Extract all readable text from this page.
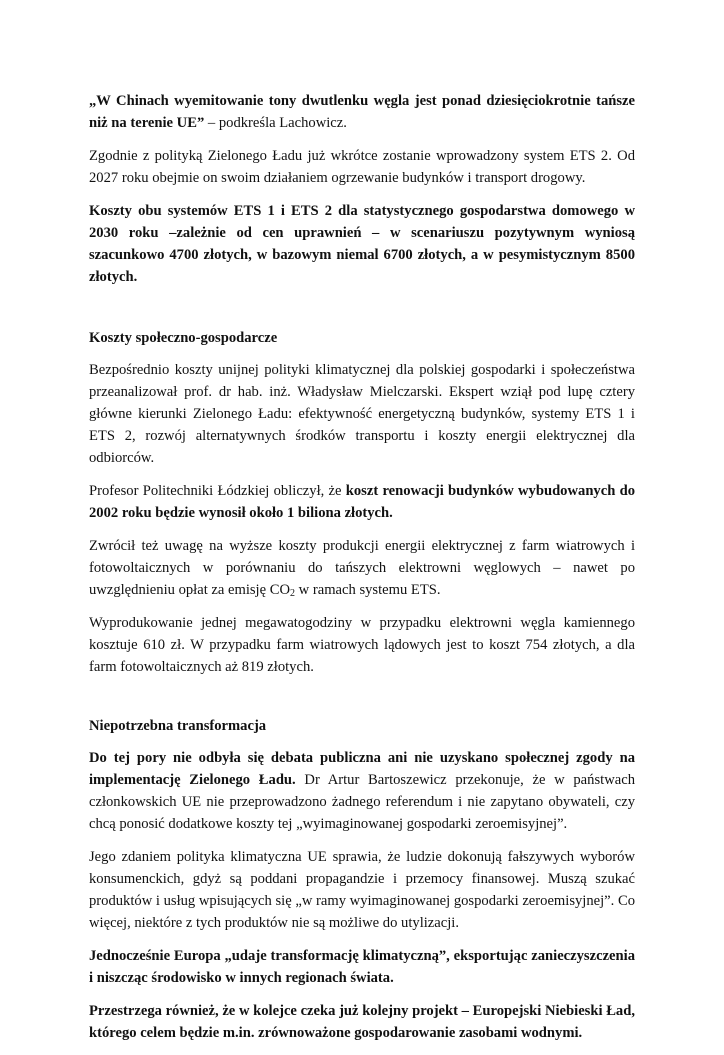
„W Chinach wyemitowanie tony dwutlenku węgla jest ponad dziesięciokrotnie tańsze niż na terenie UE” – podkreśla Lachowicz.

Zgodnie z polityką Zielonego Ładu już wkrótce zostanie wprowadzony system ETS 2. Od 2027 roku obejmie on swoim działaniem ogrzewanie budynków i transport drogowy.

Koszty obu systemów ETS 1 i ETS 2 dla statystycznego gospodarstwa domowego w 2030 roku –zależnie od cen uprawnień – w scenariuszu pozytywnym wyniosą szacunkowo 4700 złotych, w bazowym niemal 6700 złotych, a w pesymistycznym 8500 złotych.

Koszty społeczno-gospodarcze

Bezpośrednio koszty unijnej polityki klimatycznej dla polskiej gospodarki i społeczeństwa przeanalizował prof. dr hab. inż. Władysław Mielczarski. Ekspert wziął pod lupę cztery główne kierunki Zielonego Ładu: efektywność energetyczną budynków, systemy ETS 1 i ETS 2, rozwój alternatywnych środków transportu i koszty energii elektrycznej dla odbiorców.

Profesor Politechniki Łódzkiej obliczył, że koszt renowacji budynków wybudowanych do 2002 roku będzie wynosił około 1 biliona złotych.

Zwrócił też uwagę na wyższe koszty produkcji energii elektrycznej z farm wiatrowych i fotowoltaicznych w porównaniu do tańszych elektrowni węglowych – nawet po uwzględnieniu opłat za emisję $CO_2$ w ramach systemu ETS.

Wyprodukowanie jednej megawatogodziny w przypadku elektrowni węgla kamiennego kosztuje 610 zł. W przypadku farm wiatrowych lądowych jest to koszt 754 złotych, a dla farm fotowoltaicznych aż 819 złotych.

Niepotrzebna transformacja

Do tej pory nie odbyła się debata publiczna ani nie uzyskano społecznej zgody na implementację Zielonego Ładu. Dr Artur Bartoszewicz przekonuje, że w państwach członkowskich UE nie przeprowadzono żadnego referendum i nie zapytano obywateli, czy chcą ponosić dodatkowe koszty tej „wyimaginowanej gospodarki zeroemisyjnej”.

Jego zdaniem polityka klimatyczna UE sprawia, że ludzie dokonują fałszywych wyborów konsumenckich, gdyż są poddani propagandzie i przemocy finansowej. Muszą szukać produktów i usług wpisujących się „w ramy wyimaginowanej gospodarki zeroemisyjnej”. Co więcej, niektóre z tych produktów nie są możliwe do utylizacji.

Jednocześnie Europa „udaje transformację klimatyczną”, eksportując zanieczyszczenia i niszcząc środowisko w innych regionach świata.

Przestrzega również, że w kolejce czeka już kolejny projekt – Europejski Niebieski Ład, którego celem będzie m.in. zrównoważone gospodarowanie zasobami wodnymi.
